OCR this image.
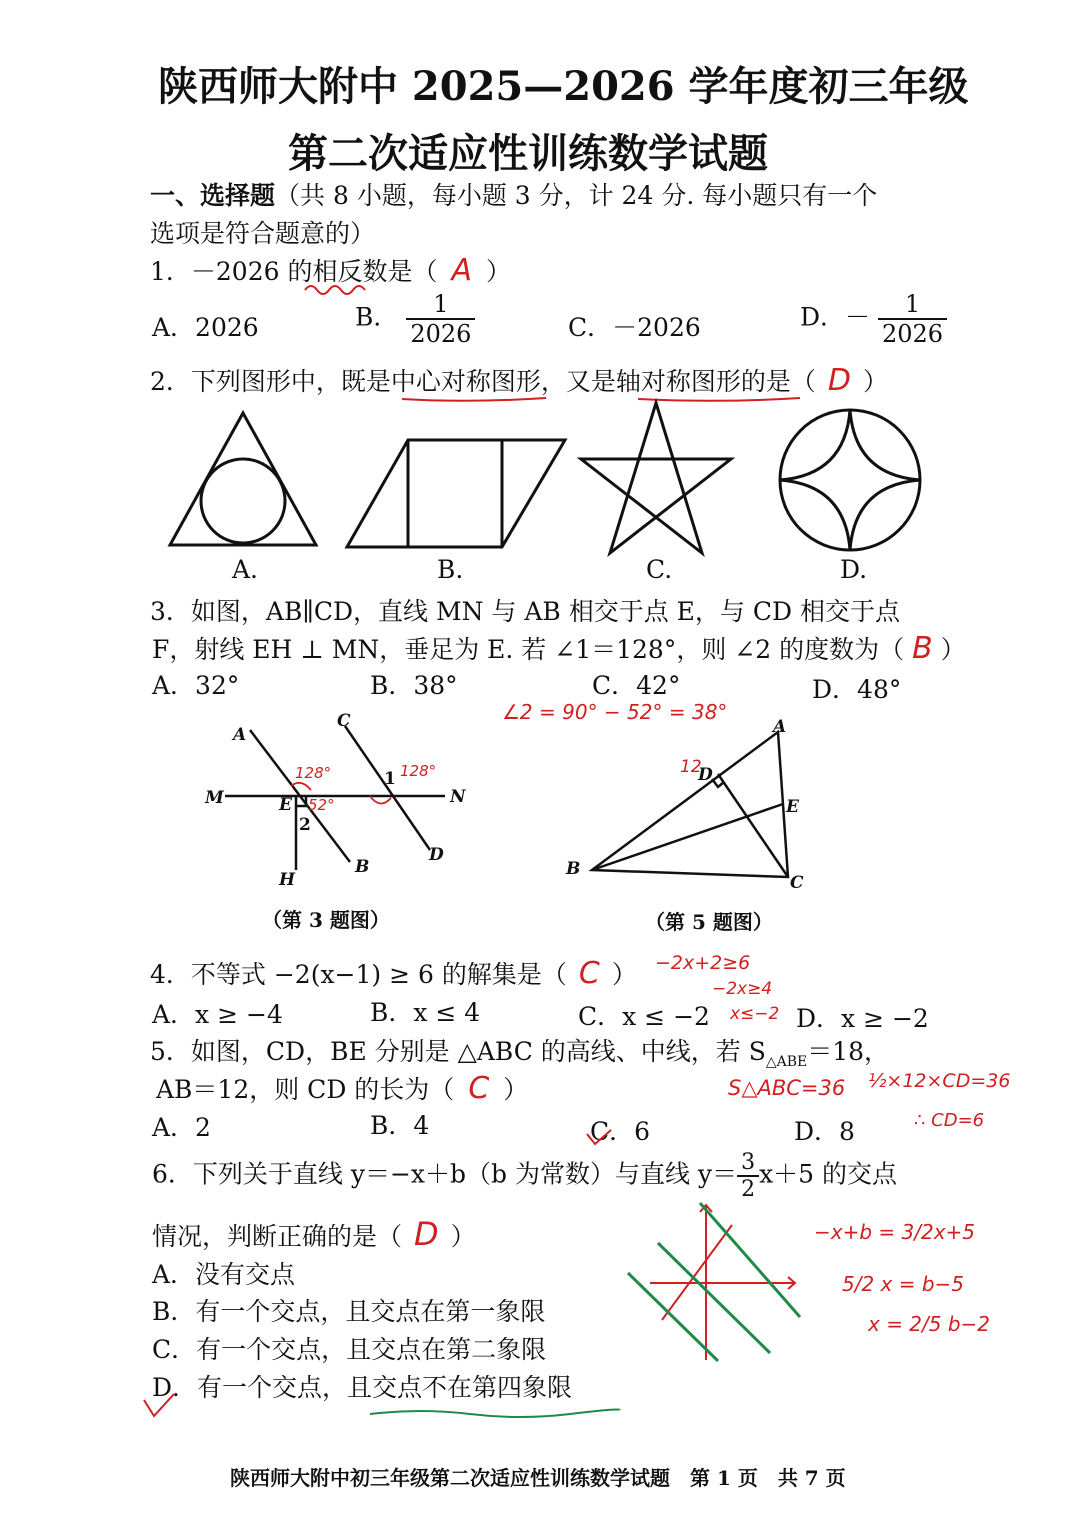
陕西师大附中 2025—2026 学年度初三年级
第二次适应性训练数学试题
一、选择题（共 8 小题，每小题 3 分，计 24 分. 每小题只有一个
选项是符合题意的）
1．－2026 的相反数是（ A ）
A．2026	B． $\frac{1}{2026}$	C．－2026	D．－ $\frac{1}{2026}$
2．下列图形中，既是中心对称图形，又是轴对称图形的是（ D ）
A.	B.	C.	D.
3．如图，AB∥CD，直线 MN 与 AB 相交于点 E，与 CD 相交于点
F，射线 EH ⊥ MN，垂足为 E. 若 ∠1＝128°，则 ∠2 的度数为（ B ）
A．32°	B．38°	C．42°	D．48°
∠2 = 90° − 52° = 38°
A
C
M	N
E
2
1
B
D
H
128°	128°
52°
（第 3 题图）
A
D
E
B
C
12
（第 5 题图）
4．不等式 −2(x−1) ≥ 6 的解集是（ C ） −2x+2≥6
−2x≥4
x≤−2
A．x ≥ −4	B．x ≤ 4	C．x ≤ −2	D．x ≥ −2
5．如图，CD，BE 分别是 △ABC 的高线、中线，若 $S_{\triangle ABE}=18$，
AB＝12，则 CD 的长为（ C ）	S△ABC=36 ½×12×CD=36
∴ CD=6
A．2	B．4	C．6	D．8
6．下列关于直线 y＝−x＋b（b 为常数）与直线 $y= \frac{3}{2} x+5$ 的交点
情况，判断正确的是（ D ）
A．没有交点
B．有一个交点，且交点在第一象限
C．有一个交点，且交点在第二象限
D．有一个交点，且交点不在第四象限
−x+b = 3/2x+5
5/2 x = b−5
x = 2/5 b−2
陕西师大附中初三年级第二次适应性训练数学试题　第 1 页　共 7 页
